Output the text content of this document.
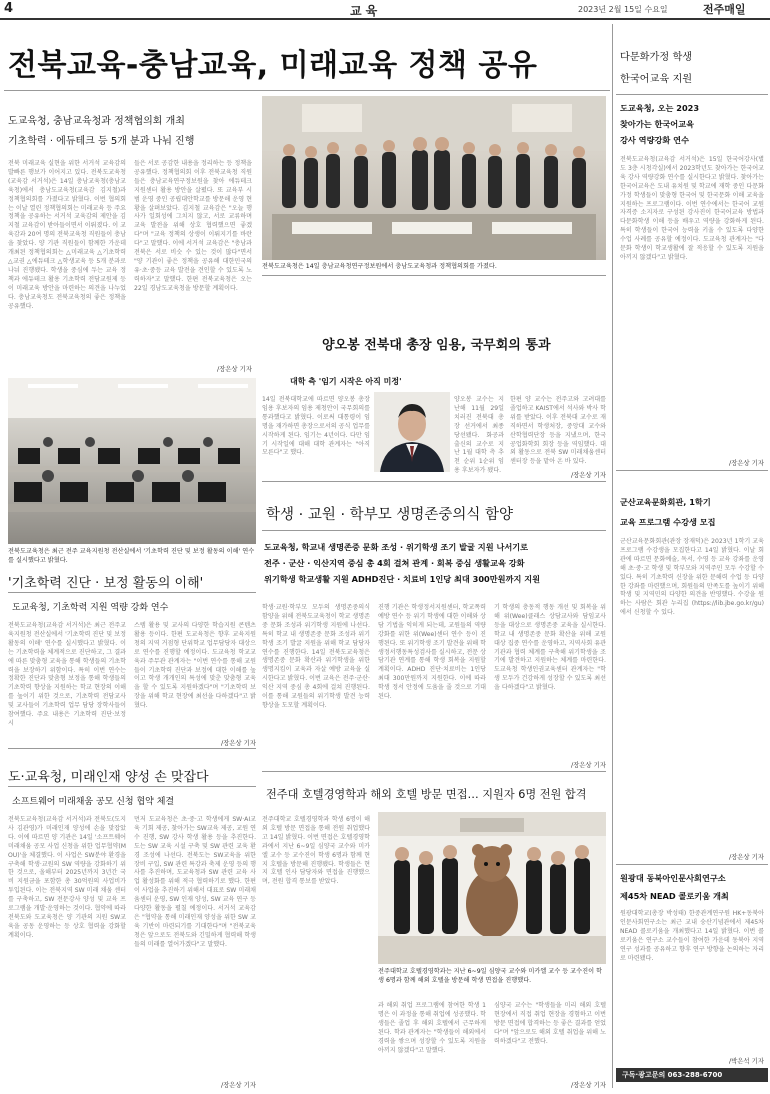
4	교육	2023년 2월 15일 수요일	전주매일
전북교육-충남교육, 미래교육 정책 공유
도교육청, 충남교육청과 정책협의회 개최
기초학력 · 에듀테크 등 5개 분과 나눠 진행
전북 미래교육 실현을 위한 서거석 교육감의 발빠른 행보가 이어지고 있다. 전북도교육청(교육감 서거석)은 14일 충남교육청(충남교육청)에서 충남도교육청(교육감 김지철)과 정책협의회를 가졌다고 밝혔다. 이번 협의회는 이날 열린 정책협의회는 미래교육 등 주요 정책을 공유하는 서거석 교육감의 제안을 김지철 교육감이 받아들이면서 이뤄졌다. 이 교육감과 20여 명의 전북교육청 직원들이 충남을 찾았다. 양 기관 직원들이 함께한 가운데 개최된 정책협의회는 △미래교육 △기초학력 △교권 △에듀테크 △학생교육 등 5개 분과로 나눠 진행됐다. 학생을 중심에 두는 교육 정책과 에듀테크 활용 기초학력 전담교원제 등이 미래교육 방안을 마련하는 의견을 나누었다. 충남교육청도 전북교육청의 좋은 정책을 공유했다.
들은 서로 공감한 내용을 정리하는 등 정책을 공유했다. 정책협의회 이후 전북교육청 직원들은 충남교육연구정보원을 찾아 에듀테크 지원센터 활용 방안을 살폈다. 또 교육부 시범 운영 중인 공립대안학교를 방문해 운영 현황을 살펴보았다. 김지철 교육감은 "오늘 행사가 일회성에 그치지 않고, 서로 교류하며 교육 발전을 위해 상호 협력했으면 좋겠다"며 "교육 정책의 상생이 이뤄지기를 바란다"고 말했다. 이에 서거석 교육감은 "충남과 전북은 서로 비슷 수 있는 것이 많다"면서 "양 기관이 좋은 정책을 공유해 대한민국의 유·초·중등 교육 발전을 견인할 수 있도록 노력하자"고 말했다. 한편 전북교육청은 오는 22일 경남도교육청을 방문할 계획이다.
/장은상 기자
전북도교육청은 14일 충남교육청연구정보원에서 충남도교육청과 정책협의회를 가졌다.
양오봉 전북대 총장 임용, 국무회의 통과
대학 측 '임기 시작은 아직 미정'
14일 전북대학교에 따르면 양오봉 총장 임용 후보자의 임용 제청안이 국무회의를 통과했다고 밝혔다. 이로써 대통령이 임명을 재가하면 총장으로서의 공식 업무를 시작하게 된다. 임기는 4년이다. 다만 임기 시작일에 대해 대학 관계자는 "아직 모른다"고 했다.
양오봉 교수는 지난해 11월 29일 치러진 전북대 총장 선거에서 최종 당선됐다. 화공과 출신의 교수로 지난 1월 대학 측 추천 순위 1순위 임용 후보자가 됐다.
한편 양 교수는 전주고와 고려대를 졸업하고 KAIST에서 석사와 박사 학위를 받았다. 이후 전북대 교수로 재직하면서 학생처장, 중앙대 교수와 산학협력단장 등을 지냈으며, 한국공업화학회 회장 등을 역임했다. 대외 활동으로 전북 SW 미래채움센터 센터장 등을 맡아 온 바 있다.
/장은상 기자
전북도교육청은 최근 전주 교육지원청 전산실에서 '기초학력 진단 및 보정 활동의 이해' 연수를 실시했다고 밝혔다.
'기초학력 진단 · 보정 활동의 이해'
도교육청, 기초학력 지원 역량 강화 연수
전북도교육청(교육감 서거석)은 최근 전주교육지원청 전산실에서 '기초학력 진단 및 보정 활동의 이해' 연수를 실시했다고 밝혔다. 이는 기초학력을 체계적으로 진단하고, 그 결과에 따른 맞춤형 교육을 통해 학생들의 기초학력을 보장하기 위함이다. 특히 이번 연수는 정확한 진단과 맞춤형 보정을 통해 학생들의 기초학력 향상을 지원하는 학교 현장의 이해를 높이기 위한 것으로, 기초학력 전담교사 및 교사들이 기초학력 업무 담당 장학사들이 참여했다. 주요 내용은 기초학력 진단·보정 시
스템 활용 및 교사의 다양한 학습지원 콘텐츠 활용 등이다. 한편 도교육청은 향후 교육지원청의 지역 거점형 단위학교 업무담당자 대상으로 연수를 진행할 예정이다. 도교육청 학교교육과 주무관 관계자는 "이번 연수를 통해 교원들이 기초학력 진단과 보정에 대한 이해를 높이고 학생 개개인의 특성에 맞춘 맞춤형 교육을 할 수 있도록 지원하겠다"며 "기초학력 보장을 위해 학교 현장에 최선을 다하겠다"고 밝혔다.
/장은상 기자
도·교육청, 미래인재 양성 손 맞잡다
소프트웨어 미래채움 공모 신청 협약 체결
전북도교육청(교육감 서거석)과 전북도(도지사 김관영)가 미래인재 양성에 손을 맞잡았다. 이에 따르면 양 기관은 14일 '소프트웨어 미래채움 공모 사업 신청을 위한 업무협약(MOU)'을 체결했다. 이 사업은 SW분야 환경을 구축해 학생·교원의 SW 역량을 강화하기 위한 것으로, 올해부터 2025년까지 3년간 국비 지원금을 포함한 총 30억원의 사업비가 투입된다. 이는 전북지역 SW 미래 채움 센터를 구축하고, SW 전문강사 양성 및 교육 프로그램을 개발·운영하는 것이다. 협약에 따라 전북도와 도교육청은 양 기관의 지원 SW교육을 공동 운영하는 등 상호 협력을 강화할 계획이다.
먼저 도교육청은 초·중·고 학생에게 SW·AI교육 기회 제공, 찾아가는 SW교육 제공, 교원 연수 진행, SW 강사 학생 활용 등을 추진한다. 도는 SW 교육 시설 구축 및 SW 관련 교육 환경 조성에 나선다. 전북도는 SW교육을 위한 장비 구입, SW 관련 특강과 축제 운영 등의 행사를 추진하며, 도교육청과 SW 관련 교육 사업 활성화를 위해 적극 협력하기로 했다. 한편 이 사업을 추진하기 위해서 대표로 SW 미래채움센터 운영, SW 인재 양성, SW 교육 연구 등 다양한 활동을 펼칠 예정이다. 서거석 교육감은 "협약을 통해 미래인재 양성을 위한 SW 교육 기반이 마련되기를 기대한다"며 "전북교육청은 앞으로도 전북도와 긴밀하게 협력해 학생들의 미래를 열어가겠다"고 말했다.
/장은상 기자
학생 · 교원 · 학부모 생명존중의식 함양
도교육청, 학교내 생명존중 문화 조성 · 위기학생 조기 발굴 지원 나서기로
전주 · 군산 · 익산지역 중심 총 4회 걸쳐 관계 · 회복 중심 생활교육 강화
위기학생 학교생활 지원 ADHD진단 · 치료비 1인당 최대 300만원까지 지원
학생·교원·학부모 모두의 생명존중의식 함양을 위해 전북도교육청이 학교 생명존중 문화 조성과 위기학생 지원에 나선다. 특히 학교 내 생명존중 문화 조성과 위기학생 조기 발굴 지원을 위해 학교 담당자 연수를 진행한다. 14일 전북도교육청은 생명존중 문화 확산과 위기학생을 위한 생명지킴이 교육과 자살 예방 교육을 실시한다고 밝혔다. 이번 교육은 전주·군산·익산 지역 중심 총 4회에 걸쳐 진행된다. 이를 통해 교원들의 위기학생 발견 능력 향상을 도모할 계획이다.
진행 기관은 학생정서지원센터, 학교폭력 예방 연수 등 위기 학생에 대한 이해와 상담 기법을 익히게 되는데, 교원들의 역량 강화를 위한 위(Wee)센터 연수 등이 진행된다. 또 위기학생 조기 발견을 위해 학생정서행동특성검사를 실시하고, 전문 상담기관 연계를 통해 학생 회복을 지원할 계획이다. ADHD 진단·치료비는 1인당 최대 300만원까지 지원한다. 이에 따라 학생 정서 안정에 도움을 줄 것으로 기대된다.
기 학생의 충동적 행동 개선 및 회복을 위해 위(Wee)클래스 상담교사와 담임교사 등을 대상으로 생명존중 교육을 실시한다. 학교 내 생명존중 문화 확산을 위해 교원 대상 집중 연수를 운영하고, 지역사회 유관기관과 협력 체계를 구축해 위기학생을 조기에 발견하고 지원하는 체계를 마련한다. 도교육청 학생인권교육센터 관계자는 "학생 모두가 건강하게 성장할 수 있도록 최선을 다하겠다"고 밝혔다.
/장은상 기자
전주대 호텔경영학과 해외 호텔 방문 면접… 지원자 6명 전원 합격
전주대학교 호텔경영학과 학생 6명이 해외 호텔 방문 면접을 통해 전원 취업했다고 14일 밝혔다. 이번 면접은 호텔경영학과에서 지난 6~9일 심양국 교수와 미카엘 교수 등 교수진이 학생 6명과 함께 현지 호텔을 방문해 진행됐다. 학생들은 현지 호텔 인사 담당자와 면접을 진행했으며, 전원 합격 통보를 받았다.
전주대학교 호텔경영학과는 지난 6~9일 심양국 교수와 미카엘 교수 등 교수진이 학생 6명과 함께 해외 호텔을 방문해 학생 면접을 진행했다.
과 해외 취업 프로그램에 참여한 학생 1명은 이 과정을 통해 취업에 성공했다. 학생들은 졸업 후 해외 호텔에서 근무하게 된다. 학과 관계자는 "학생들이 해외에서 경력을 쌓으며 성장할 수 있도록 지원을 아끼지 않겠다"고 말했다.
심양국 교수는 "학생들을 미리 해외 호텔 현장에서 직접 취업 현장을 경험하고 이번 방문 면접에 합격하는 등 좋은 결과를 얻었다"며 "앞으로도 해외 호텔 취업을 위해 노력하겠다"고 전했다.
/장은상 기자
다문화가정 학생
한국어교육 지원
도교육청, 오는 2023
찾아가는 한국어교육
강사 역량강화 연수
전북도교육청(교육감 서거석)은 15일 한국어강사(별도 3층 시청각실)에서 2023학년도 찾아가는 한국어교육 강사 역량강화 연수를 실시한다고 밝혔다. 찾아가는 한국어교육은 도내 유치원 및 학교에 재학 중인 다문화가정 학생들이 맞춤형 한국어 및 한국문화 이해 교육을 지원하는 프로그램이다. 이번 연수에서는 한국어 교원자격증 소지자로 구성된 강사진이 한국어교육 방법과 다문화학생 이해 등을 배우고 역량을 강화하게 된다. 특히 학생들이 한국어 능력을 키울 수 있도록 다양한 수업 사례를 공유할 예정이다. 도교육청 관계자는 "다문화 학생이 학교생활에 잘 적응할 수 있도록 지원을 아끼지 않겠다"고 밝혔다.
/장은상 기자
군산교육문화회관, 1학기
교육 프로그램 수강생 모집
군산교육문화회관(관장 장재덕)은 2023년 1학기 교육 프로그램 수강생을 모집한다고 14일 밝혔다. 이날 회관에 따르면 문화예술, 독서, 수영 등 교육 강좌를 운영해 초·중·고 학생 및 학부모와 지역주민 모두 수강할 수 있다. 특히 기초학력 신장을 위한 문해력 수업 등 다양한 강좌를 마련했으며, 회원들의 만족도를 높이기 위해 학생 및 지역민의 다양한 의견을 반영했다. 수강을 원하는 사람은 회관 누리집 (https://lib.jbe.go.kr/gu)에서 신청할 수 있다.
/장은상 기자
원광대 동북아인문사회연구소
제45차 NEAD 콜로키움 개최
원광대학교(총장 박성태) 한중관계연구원 HK+동북아인문사회연구소는 최근 교내 숭산기념관에서 제45차 NEAD 콜로키움을 개최했다고 14일 밝혔다. 이번 콜로키움은 연구소 교수들이 참여한 가운데 동북아 지역 연구 성과를 공유하고 향후 연구 방향을 논의하는 자리로 마련됐다.
/박은석 기자
구독·광고문의 063-288-6700
